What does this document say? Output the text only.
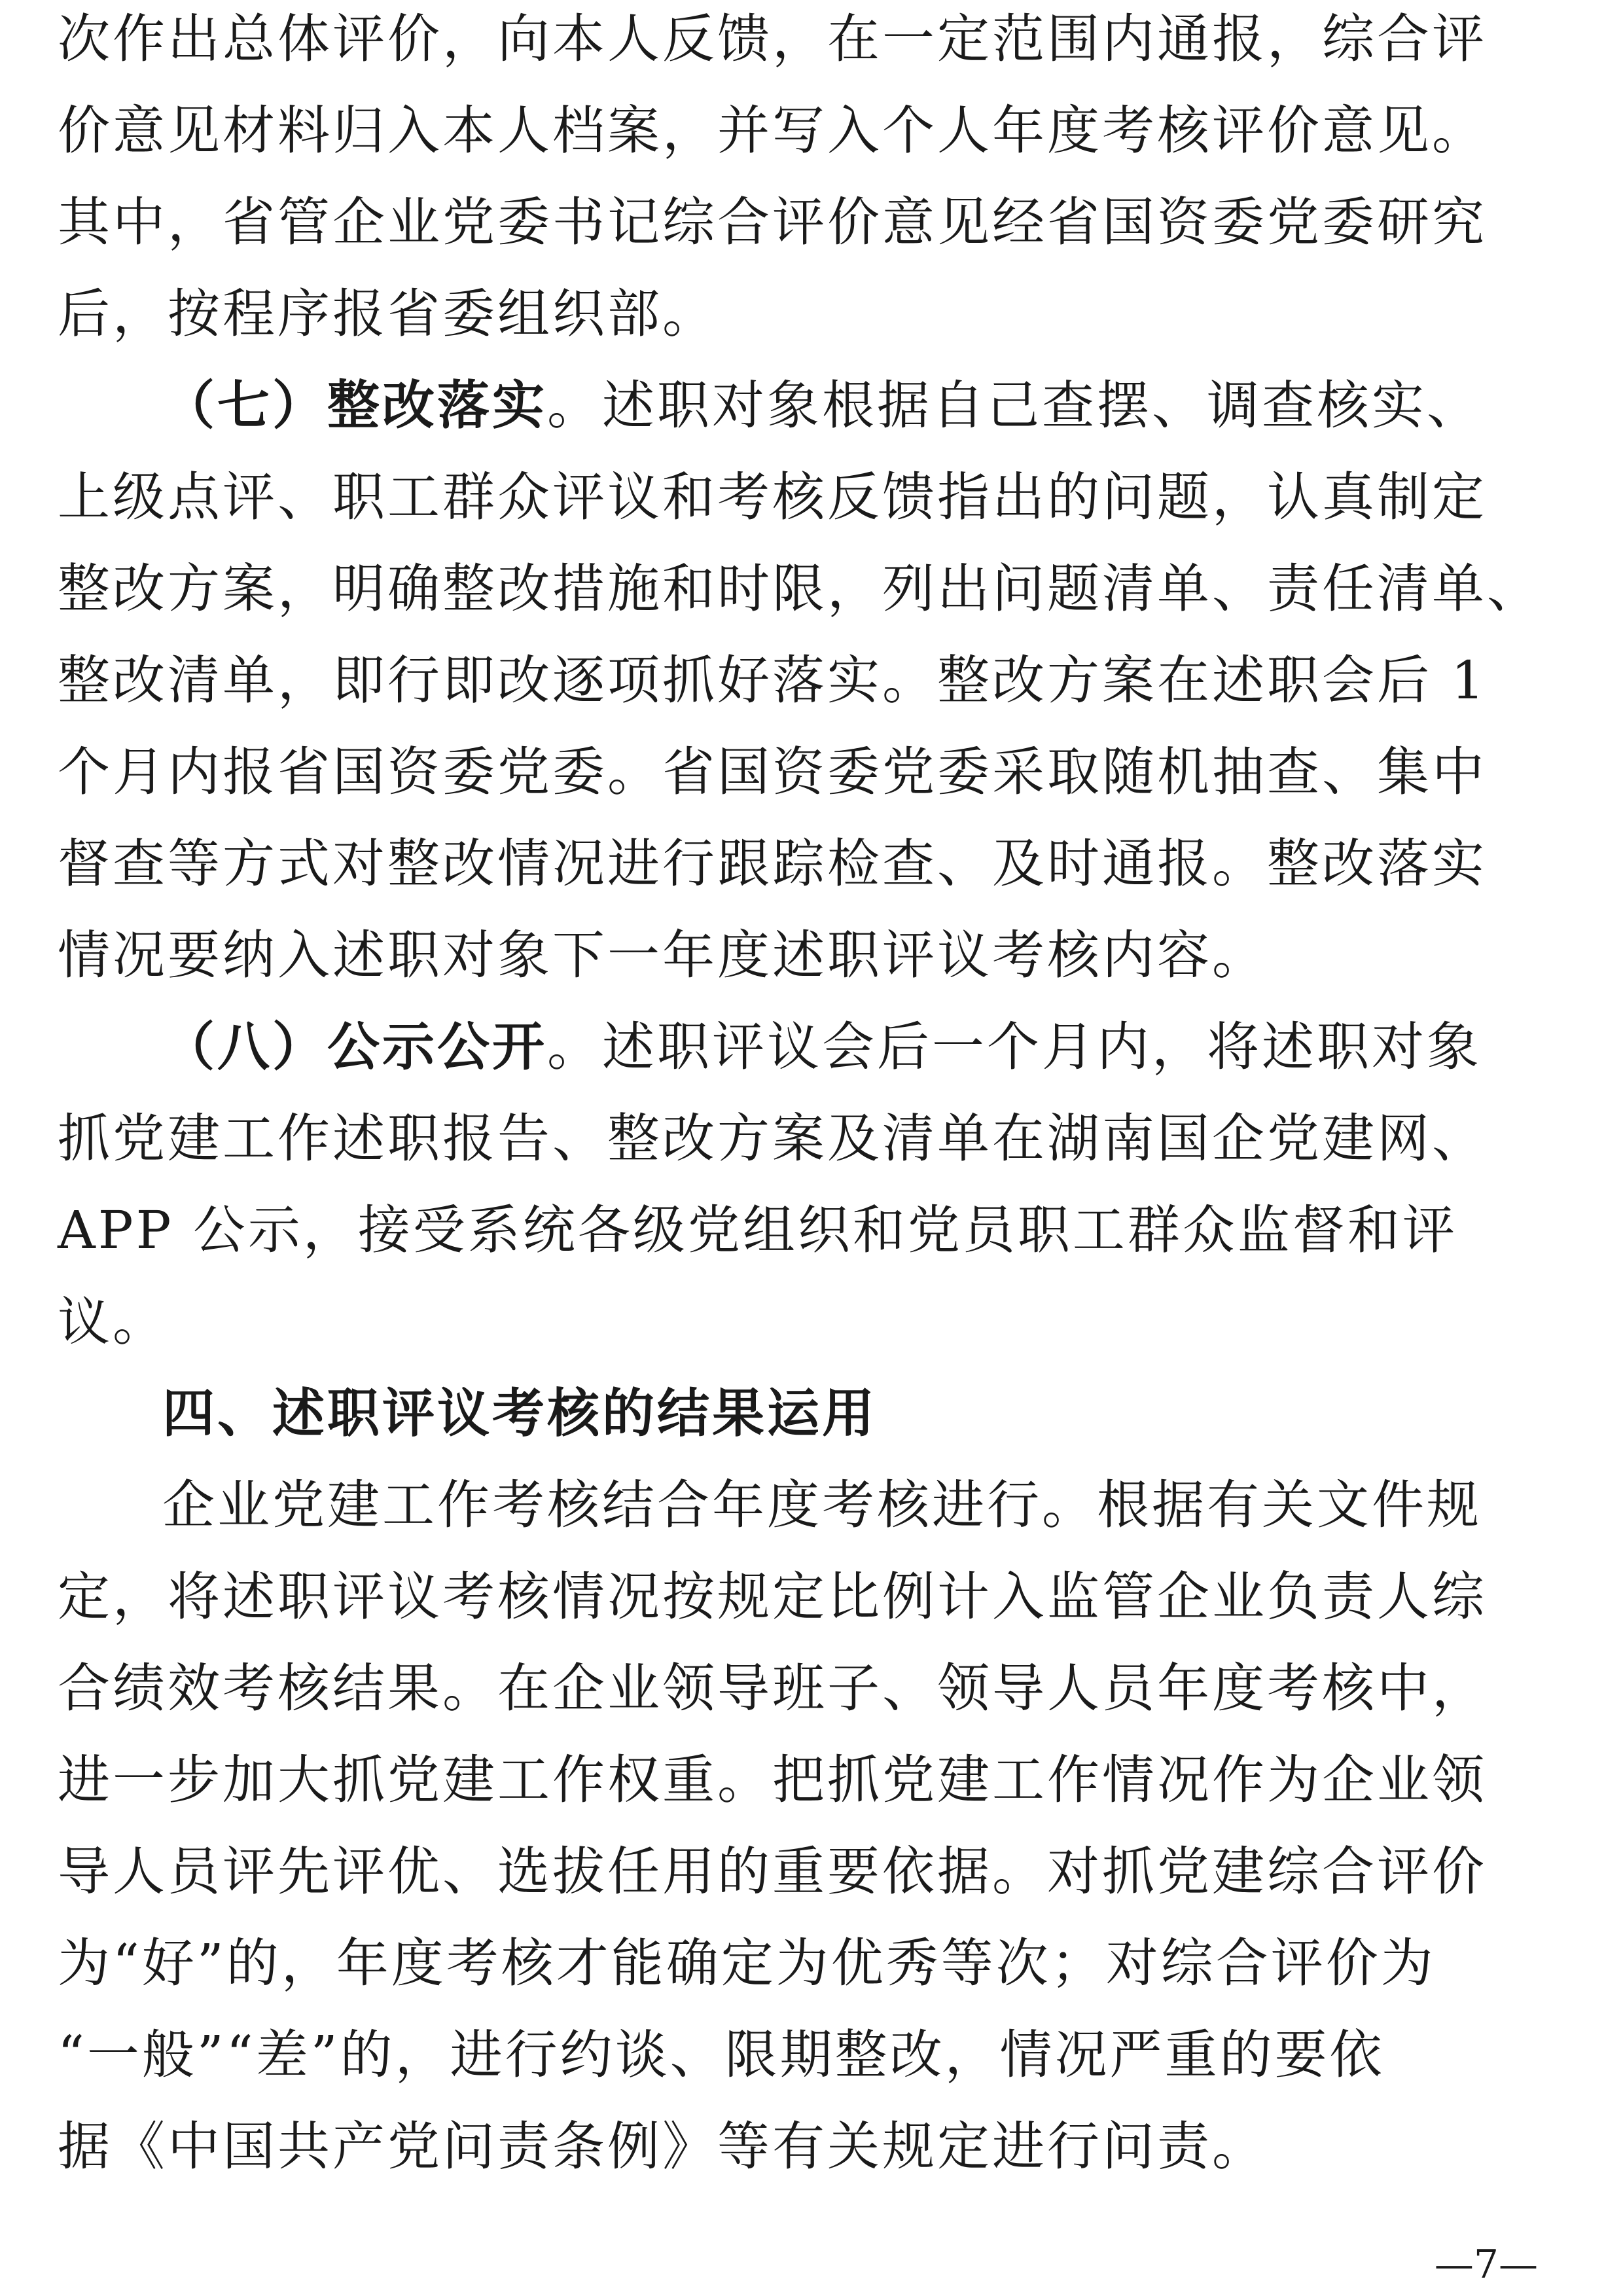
次作出总体评价，向本人反馈，在一定范围内通报，综合评
价意见材料归入本人档案，并写入个人年度考核评价意见。
其中，省管企业党委书记综合评价意见经省国资委党委研究
后，按程序报省委组织部。
（七）整改落实。述职对象根据自己查摆、调查核实、
上级点评、职工群众评议和考核反馈指出的问题，认真制定
整改方案，明确整改措施和时限，列出问题清单、责任清单、
整改清单，即行即改逐项抓好落实。整改方案在述职会后 1
个月内报省国资委党委。省国资委党委采取随机抽查、集中
督查等方式对整改情况进行跟踪检查、及时通报。整改落实
情况要纳入述职对象下一年度述职评议考核内容。
（八）公示公开。述职评议会后一个月内，将述职对象
抓党建工作述职报告、整改方案及清单在湖南国企党建网、
APP 公示，接受系统各级党组织和党员职工群众监督和评
议。
四、述职评议考核的结果运用
企业党建工作考核结合年度考核进行。根据有关文件规
定，将述职评议考核情况按规定比例计入监管企业负责人综
合绩效考核结果。在企业领导班子、领导人员年度考核中，
进一步加大抓党建工作权重。把抓党建工作情况作为企业领
导人员评先评优、选拔任用的重要依据。对抓党建综合评价
为“好”的，年度考核才能确定为优秀等次；对综合评价为
“一般”“差”的，进行约谈、限期整改，情况严重的要依
据《中国共产党问责条例》等有关规定进行问责。
—7—
